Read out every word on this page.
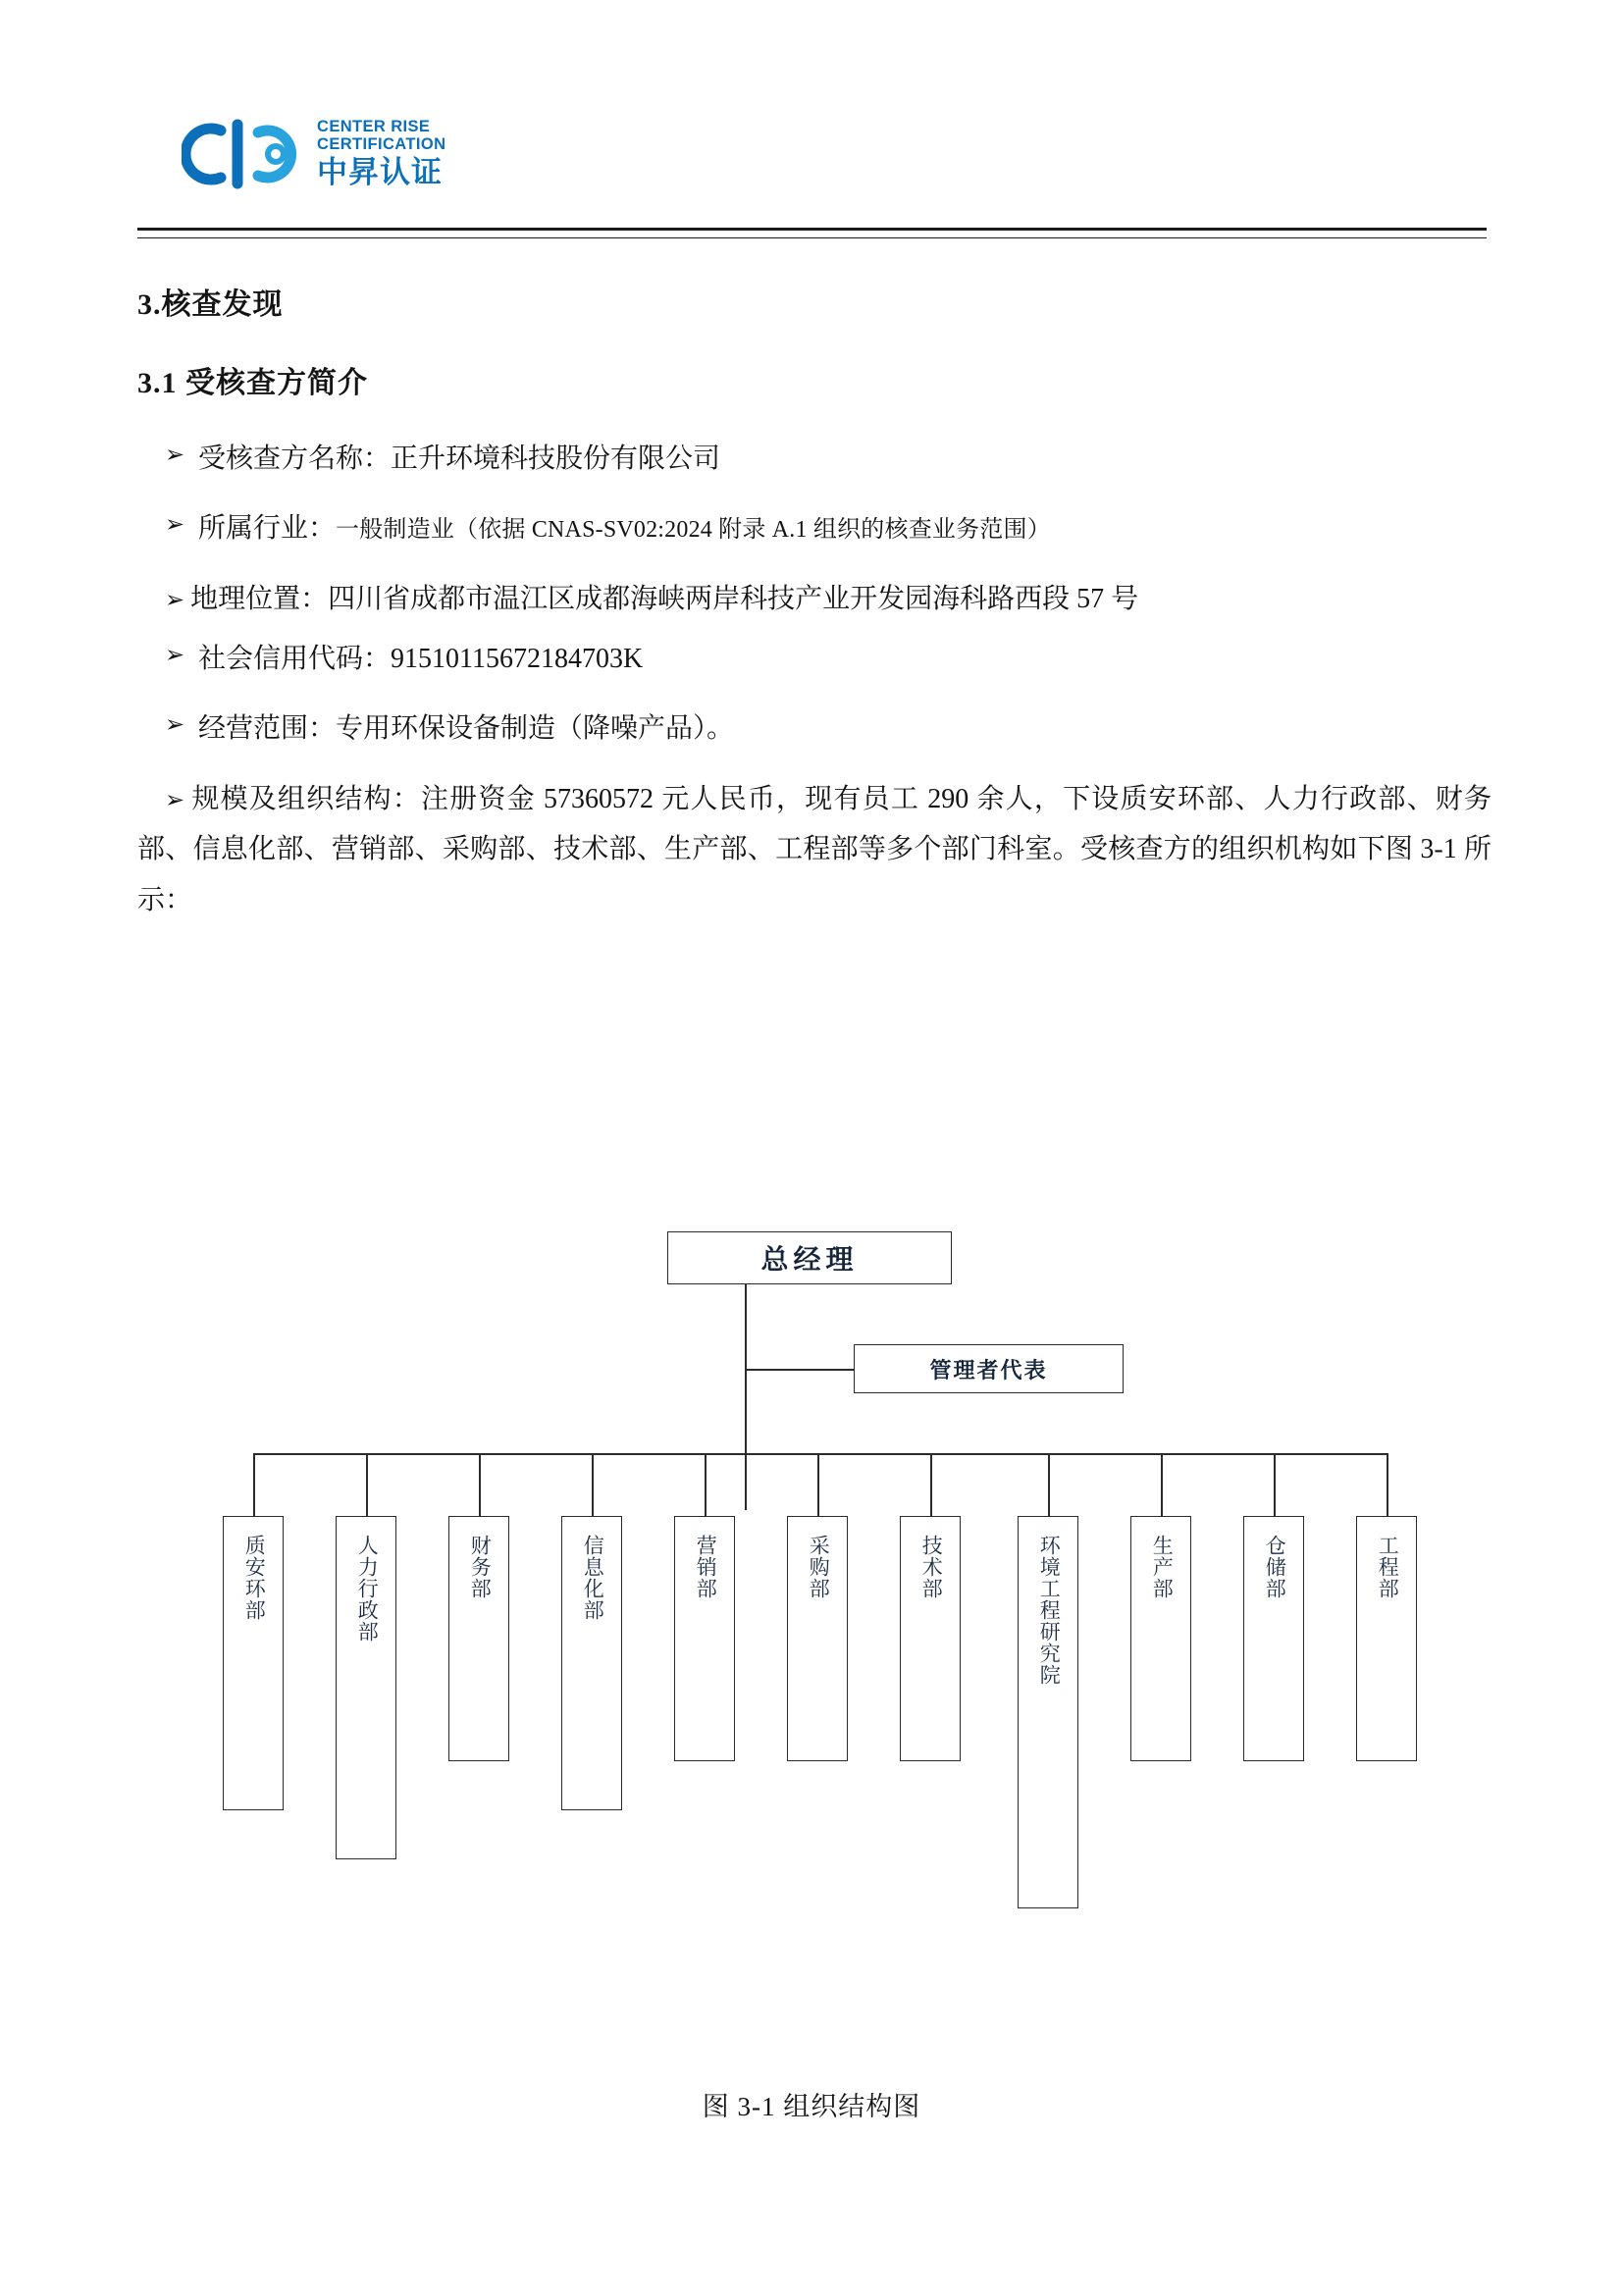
CENTER RISE
CERTIFICATION
中昇认证
3.核查发现
3.1 受核查方简介
➢ 受核查方名称：正升环境科技股份有限公司
➢ 所属行业：一般制造业（依据 CNAS-SV02:2024 附录 A.1 组织的核查业务范围）
➢ 地理位置：四川省成都市温江区成都海峡两岸科技产业开发园海科路西段 57 号
➢ 社会信用代码：91510115672184703K
➢ 经营范围：专用环保设备制造（降噪产品）。
➢ 规模及组织结构：注册资金 57360572 元人民币，现有员工 290 余人，下设质安环部、人力行政部、财务部、信息化部、营销部、采购部、技术部、生产部、工程部等多个部门科室。受核查方的组织机构如下图 3-1 所示：
总经理
管理者代表
质安环部	人力行政部	财务部	信息化部	营销部	采购部	技术部	环境工程研究院	生产部	仓储部	工程部
图 3-1 组织结构图
